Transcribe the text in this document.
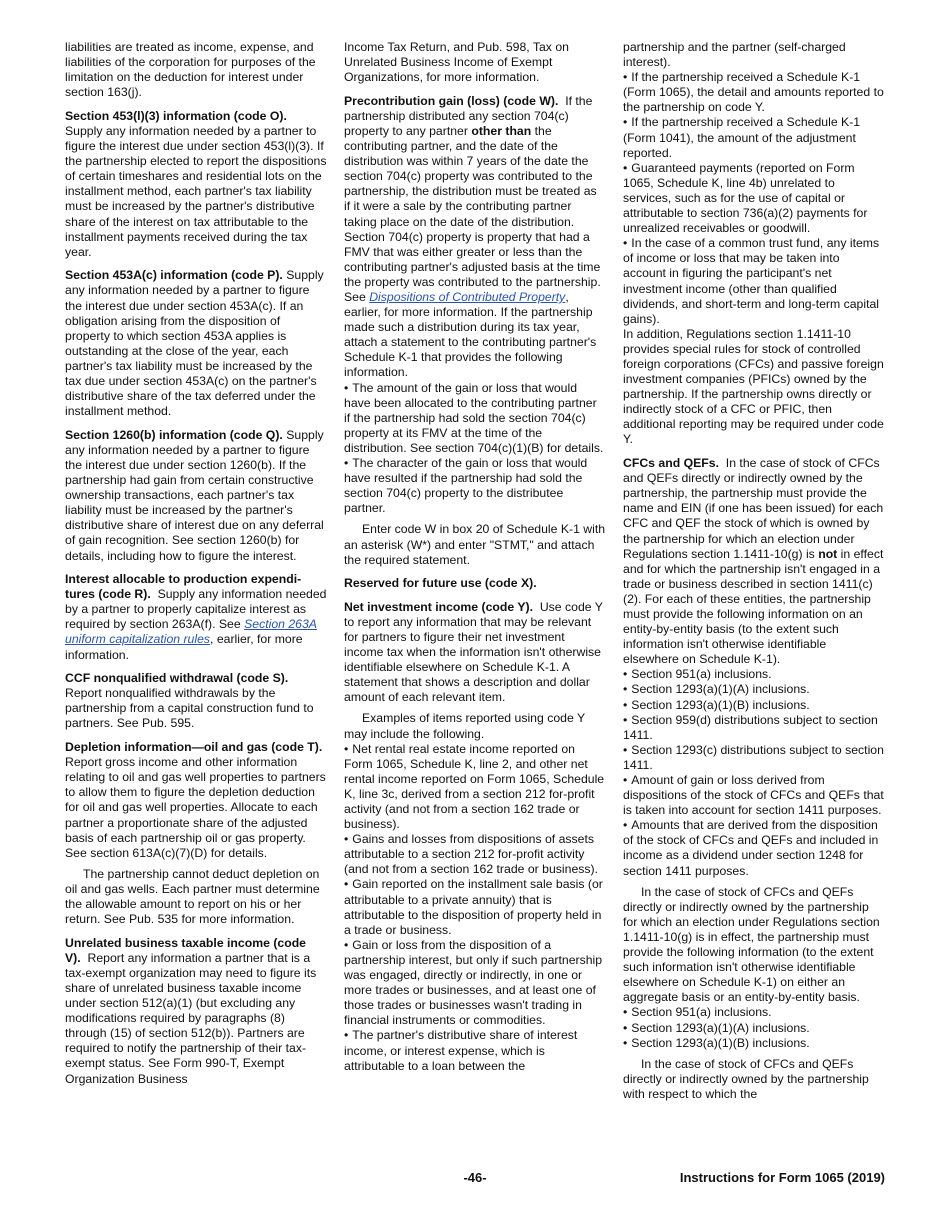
liabilities are treated as income, expense, and liabilities of the corporation for purposes of the limitation on the deduction for interest under section 163(j).

Section 453(l)(3) information (code O). Supply any information needed by a partner to figure the interest due under section 453(l)(3). If the partnership elected to report the dispositions of certain timeshares and residential lots on the installment method, each partner's tax liability must be increased by the partner's distributive share of the interest on tax attributable to the installment payments received during the tax year.

Section 453A(c) information (code P). Supply any information needed by a partner to figure the interest due under section 453A(c). If an obligation arising from the disposition of property to which section 453A applies is outstanding at the close of the year, each partner's tax liability must be increased by the tax due under section 453A(c) on the partner's distributive share of the tax deferred under the installment method.

Section 1260(b) information (code Q). Supply any information needed by a partner to figure the interest due under section 1260(b). If the partnership had gain from certain constructive ownership transactions, each partner's tax liability must be increased by the partner's distributive share of interest due on any deferral of gain recognition. See section 1260(b) for details, including how to figure the interest.

Interest allocable to production expendi-tures (code R). Supply any information needed by a partner to properly capitalize interest as required by section 263A(f). See Section 263A uniform capitalization rules, earlier, for more information.

CCF nonqualified withdrawal (code S). Report nonqualified withdrawals by the partnership from a capital construction fund to partners. See Pub. 595.

Depletion information—oil and gas (code T).  Report gross income and other information relating to oil and gas well properties to partners to allow them to figure the depletion deduction for oil and gas well properties. Allocate to each partner a proportionate share of the adjusted basis of each partnership oil or gas property. See section 613A(c)(7)(D) for details.

The partnership cannot deduct depletion on oil and gas wells. Each partner must determine the allowable amount to report on his or her return. See Pub. 535 for more information.

Unrelated business taxable income (code V). Report any information a partner that is a tax-exempt organization may need to figure its share of unrelated business taxable income under section 512(a)(1) (but excluding any modifications required by paragraphs (8) through (15) of section 512(b)). Partners are required to notify the partnership of their tax-exempt status. See Form 990-T, Exempt Organization Business

Income Tax Return, and Pub. 598, Tax on Unrelated Business Income of Exempt Organizations, for more information.

Precontribution gain (loss) (code W). If the partnership distributed any section 704(c) property to any partner other than the contributing partner, and the date of the distribution was within 7 years of the date the section 704(c) property was contributed to the partnership, the distribution must be treated as if it were a sale by the contributing partner taking place on the date of the distribution. Section 704(c) property is property that had a FMV that was either greater or less than the contributing partner's adjusted basis at the time the property was contributed to the partnership. See Dispositions of Contributed Property, earlier, for more information. If the partnership made such a distribution during its tax year, attach a statement to the contributing partner's Schedule K-1 that provides the following information.

• The amount of the gain or loss that would have been allocated to the contributing partner if the partnership had sold the section 704(c) property at its FMV at the time of the distribution. See section 704(c)(1)(B) for details.
• The character of the gain or loss that would have resulted if the partnership had sold the section 704(c) property to the distributee partner.

Enter code W in box 20 of Schedule K-1 with an asterisk (W*) and enter "STMT," and attach the required statement.

Reserved for future use (code X).

Net investment income (code Y). Use code Y to report any information that may be relevant for partners to figure their net investment income tax when the information isn't otherwise identifiable elsewhere on Schedule K-1. A statement that shows a description and dollar amount of each relevant item.

Examples of items reported using code Y may include the following.

• Net rental real estate income reported on Form 1065, Schedule K, line 2, and other net rental income reported on Form 1065, Schedule K, line 3c, derived from a section 212 for-profit activity (and not from a section 162 trade or business).
• Gains and losses from dispositions of assets attributable to a section 212 for-profit activity (and not from a section 162 trade or business).
• Gain reported on the installment sale basis (or attributable to a private annuity) that is attributable to the disposition of property held in a trade or business.
• Gain or loss from the disposition of a partnership interest, but only if such partnership was engaged, directly or indirectly, in one or more trades or businesses, and at least one of those trades or businesses wasn't trading in financial instruments or commodities.
• The partner's distributive share of interest income, or interest expense, which is attributable to a loan between the

partnership and the partner (self-charged interest).

• If the partnership received a Schedule K-1 (Form 1065), the detail and amounts reported to the partnership on code Y.
• If the partnership received a Schedule K-1 (Form 1041), the amount of the adjustment reported.
• Guaranteed payments (reported on Form 1065, Schedule K, line 4b) unrelated to services, such as for the use of capital or attributable to section 736(a)(2) payments for unrealized receivables or goodwill.
• In the case of a common trust fund, any items of income or loss that may be taken into account in figuring the participant's net investment income (other than qualified dividends, and short-term and long-term capital gains).

In addition, Regulations section 1.1411-10 provides special rules for stock of controlled foreign corporations (CFCs) and passive foreign investment companies (PFICs) owned by the partnership. If the partnership owns directly or indirectly stock of a CFC or PFIC, then additional reporting may be required under code Y.

CFCs and QEFs. In the case of stock of CFCs and QEFs directly or indirectly owned by the partnership, the partnership must provide the name and EIN (if one has been issued) for each CFC and QEF the stock of which is owned by the partnership for which an election under Regulations section 1.1411-10(g) is not in effect and for which the partnership isn't engaged in a trade or business described in section 1411(c)(2). For each of these entities, the partnership must provide the following information on an entity-by-entity basis (to the extent such information isn't otherwise identifiable elsewhere on Schedule K-1).

• Section 951(a) inclusions.
• Section 1293(a)(1)(A) inclusions.
• Section 1293(a)(1)(B) inclusions.
• Section 959(d) distributions subject to section 1411.
• Section 1293(c) distributions subject to section 1411.
• Amount of gain or loss derived from dispositions of the stock of CFCs and QEFs that is taken into account for section 1411 purposes.
• Amounts that are derived from the disposition of the stock of CFCs and QEFs and included in income as a dividend under section 1248 for section 1411 purposes.

In the case of stock of CFCs and QEFs directly or indirectly owned by the partnership for which an election under Regulations section 1.1411-10(g) is in effect, the partnership must provide the following information (to the extent such information isn't otherwise identifiable elsewhere on Schedule K-1) on either an aggregate basis or an entity-by-entity basis.

• Section 951(a) inclusions.
• Section 1293(a)(1)(A) inclusions.
• Section 1293(a)(1)(B) inclusions.

In the case of stock of CFCs and QEFs directly or indirectly owned by the partnership with respect to which the

-46-	Instructions for Form 1065 (2019)
